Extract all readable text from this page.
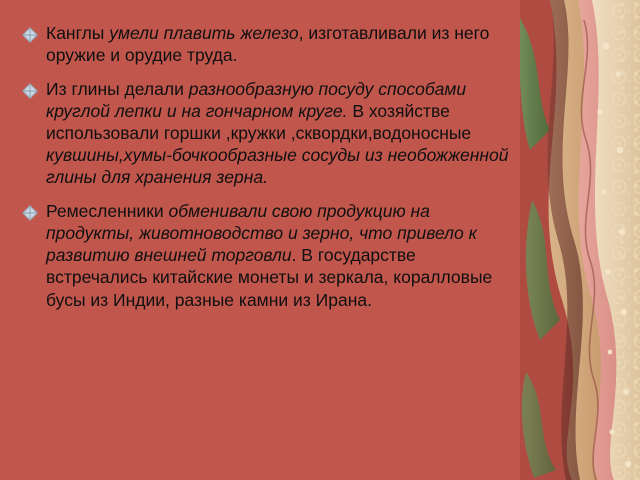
Канглы умели плавить железо, изготавливали из него оружие и орудие труда.
Из глины делали разнообразную посуду способами круглой лепки и на гончарном круге. В хозяйстве использовали горшки ,кружки ,сквордки,водоносные кувшины,хумы-бочкообразные сосуды из необожженной глины для хранения зерна.
Ремесленники обменивали свою продукцию на продукты, животноводство и зерно, что привело к развитию внешней торговли. В государстве встречались китайские монеты и зеркала, коралловые бусы из Индии, разные камни из Ирана.
